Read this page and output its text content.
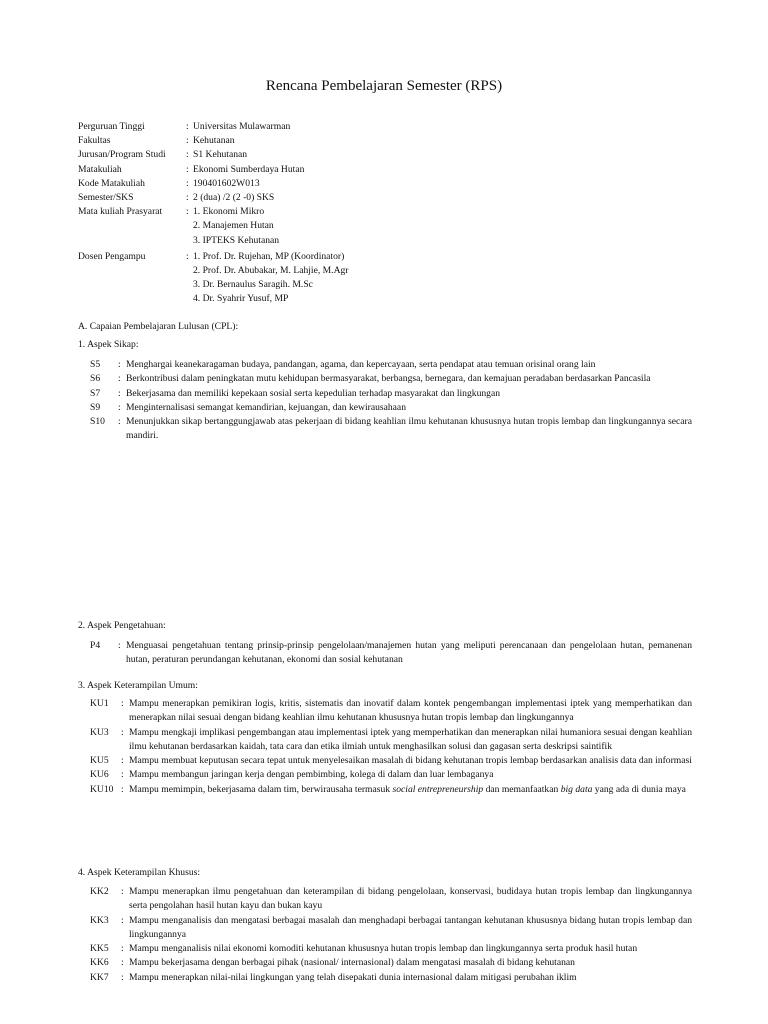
Rencana Pembelajaran Semester (RPS)
Perguruan Tinggi	: Universitas Mulawarman
Fakultas	: Kehutanan
Jurusan/Program Studi	: S1 Kehutanan
Matakuliah	: Ekonomi Sumberdaya Hutan
Kode Matakuliah	: 190401602W013
Semester/SKS	: 2 (dua) /2 (2 -0) SKS
Mata kuliah Prasyarat	: 1. Ekonomi Mikro
2. Manajemen Hutan
3. IPTEKS Kehutanan
Dosen Pengampu	: 1. Prof. Dr. Rujehan, MP (Koordinator)
2. Prof. Dr. Abubakar, M. Lahjie, M.Agr
3. Dr. Bernaulus Saragih. M.Sc
4. Dr. Syahrir Yusuf, MP
A. Capaian Pembelajaran Lulusan (CPL):
1. Aspek Sikap:
S5	: Menghargai keanekaragaman budaya, pandangan, agama, dan kepercayaan, serta pendapat atau temuan orisinal orang lain
S6	: Berkontribusi dalam peningkatan mutu kehidupan bermasyarakat, berbangsa, bernegara, dan kemajuan peradaban berdasarkan Pancasila
S7	: Bekerjasama dan memiliki kepekaan sosial serta kepedulian terhadap masyarakat dan lingkungan
S9	: Menginternalisasi semangat kemandirian, kejuangan, dan kewirausahaan
S10	: Menunjukkan sikap bertanggungjawab atas pekerjaan di bidang keahlian ilmu kehutanan khususnya hutan tropis lembap dan lingkungannya secara mandiri.
2. Aspek Pengetahuan:
P4	: Menguasai pengetahuan tentang prinsip-prinsip pengelolaan/manajemen hutan yang meliputi perencanaan dan pengelolaan hutan, pemanenan hutan, peraturan perundangan kehutanan, ekonomi dan sosial kehutanan
3. Aspek Keterampilan Umum:
KU1	: Mampu menerapkan pemikiran logis, kritis, sistematis dan inovatif dalam kontek pengembangan implementasi iptek yang memperhatikan dan menerapkan nilai sesuai dengan bidang keahlian ilmu kehutanan khususnya hutan tropis lembap dan lingkungannya
KU3	: Mampu mengkaji implikasi pengembangan atau implementasi iptek yang memperhatikan dan menerapkan nilai humaniora sesuai dengan keahlian ilmu kehutanan berdasarkan kaidah, tata cara dan etika ilmiah untuk menghasilkan solusi dan gagasan serta deskripsi saintifik
KU5	: Mampu membuat keputusan secara tepat untuk menyelesaikan masalah di bidang kehutanan tropis lembap berdasarkan analisis data dan informasi
KU6	: Mampu membangun jaringan kerja dengan pembimbing, kolega di dalam dan luar lembaganya
KU10 : Mampu memimpin, bekerjasama dalam tim, berwirausaha termasuk social entrepreneurship dan memanfaatkan big data yang ada di dunia maya
4. Aspek Keterampilan Khusus:
KK2	: Mampu menerapkan ilmu pengetahuan dan keterampilan di bidang pengelolaan, konservasi, budidaya hutan tropis lembap dan lingkungannya serta pengolahan hasil hutan kayu dan bukan kayu
KK3	: Mampu menganalisis dan mengatasi berbagai masalah dan menghadapi berbagai tantangan kehutanan khususnya bidang hutan tropis lembap dan lingkungannya
KK5	: Mampu menganalisis nilai ekonomi komoditi kehutanan khususnya hutan tropis lembap dan lingkungannya serta produk hasil hutan
KK6	: Mampu bekerjasama dengan berbagai pihak (nasional/ internasional) dalam mengatasi masalah di bidang kehutanan
KK7	: Mampu menerapkan nilai-nilai lingkungan yang telah disepakati dunia internasional dalam mitigasi perubahan iklim
